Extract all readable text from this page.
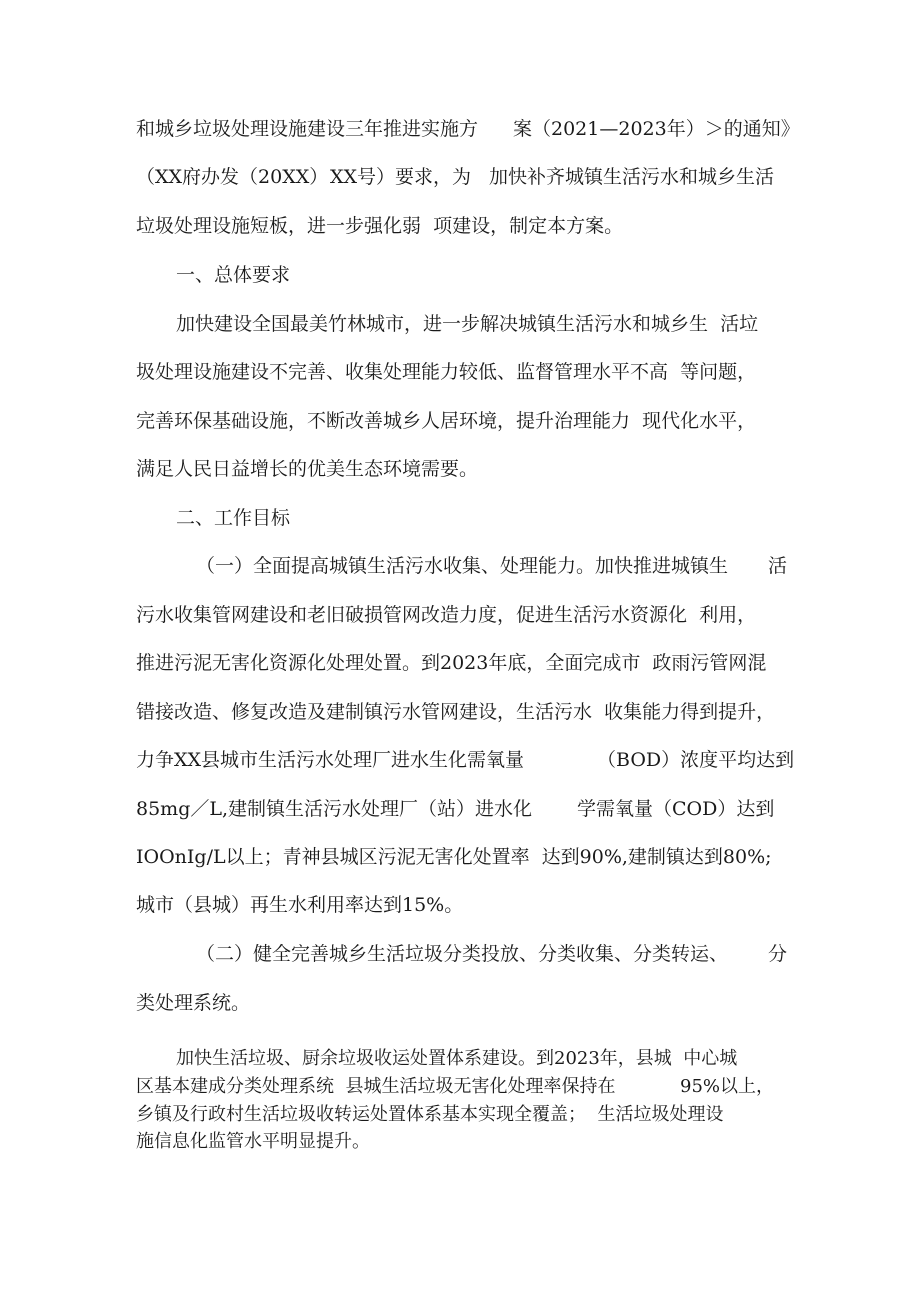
和城乡垃圾处理设施建设三年推进实施方 案（2021—2023年）＞的通知》
（XX府办发（20XX） XX号）要求，为 加快补齐城镇生活污水和城乡生活
垃圾处理设施短板，进一步强化弱  项建设，制定本方案。
一、总体要求
加快建设全国最美竹林城市，进一步解决城镇生活污水和城乡生  活垃
圾处理设施建设不完善、收集处理能力较低、监督管理水平不高  等问题，
完善环保基础设施，不断改善城乡人居环境，提升治理能力  现代化水平，
满足人民日益增长的优美生态环境需要。
二、工作目标
（一）全面提高城镇生活污水收集、处理能力。加快推进城镇生 活
污水收集管网建设和老旧破损管网改造力度，促进生活污水资源化  利用，
推进污泥无害化资源化处理处置。到2023年底，全面完成市  政雨污管网混
错接改造、修复改造及建制镇污水管网建设，生活污水  收集能力得到提升，
力争XX县城市生活污水处理厂进水生化需氧量	（BOD）浓度平均达到
85mg／L,建制镇生活污水处理厂（站）进水化 学需氧量（COD）达到
IOOnIg/L以上；青神县城区污泥无害化处置率  达到90%,建制镇达到80%;
城市（县城）再生水利用率达到15%。
（二）健全完善城乡生活垃圾分类投放、分类收集、分类转运、 分
类处理系统。
加快生活垃圾、厨余垃圾收运处置体系建设。到2023年，县城  中心城
区基本建成分类处理系统  县城生活垃圾无害化处理率保持在	95%以上，
乡镇及行政村生活垃圾收转运处置体系基本实现全覆盖；  生活垃圾处理设
施信息化监管水平明显提升。
